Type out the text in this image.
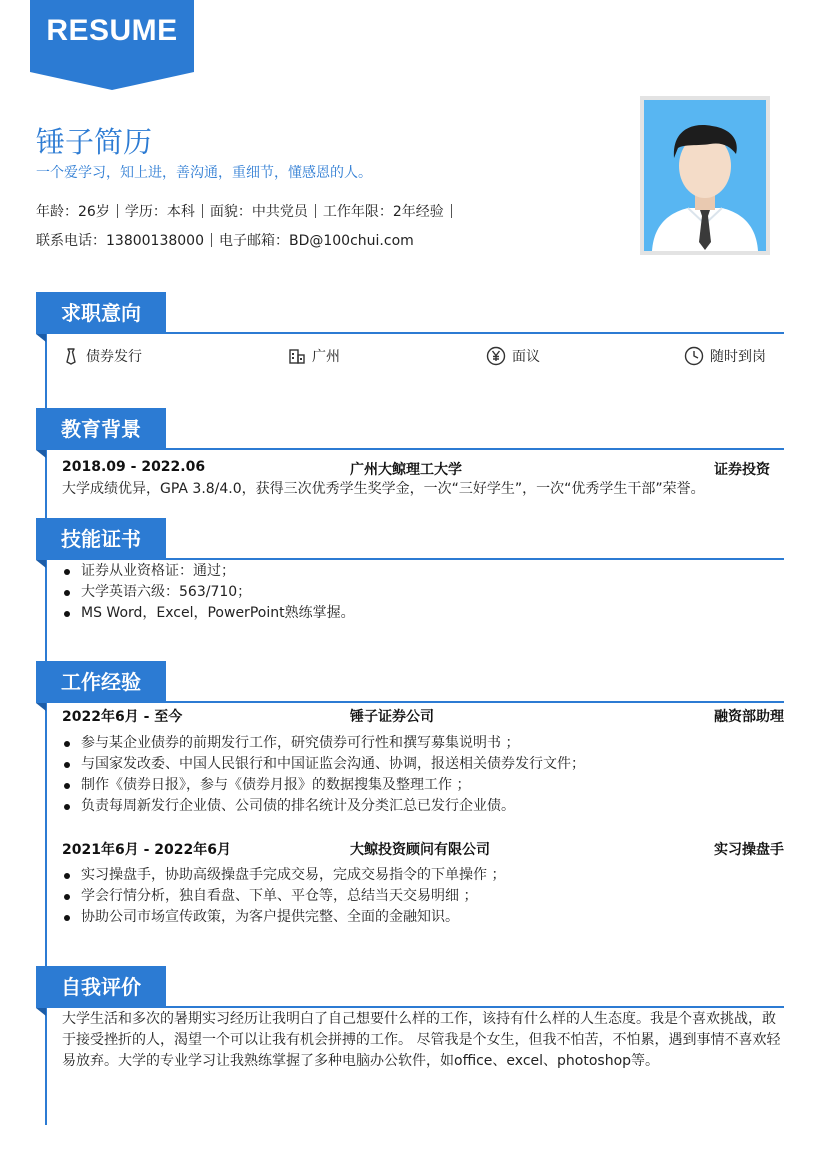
RESUME
锤子简历
一个爱学习，知上进，善沟通，重细节，懂感恩的人。
年龄：26岁 学历：本科 面貌：中共党员 工作年限：2年经验
联系电话：13800138000 电子邮箱：BD@100chui.com
求职意向
债券发行	广州	面议	随时到岗
教育背景
2018.09 - 2022.06	广州大鲸理工大学	证券投资
大学成绩优异，GPA 3.8/4.0，获得三次优秀学生奖学金，一次“三好学生”，一次“优秀学生干部”荣誉。
技能证书
证券从业资格证：通过；
大学英语六级：563/710；
MS Word，Excel，PowerPoint熟练掌握。
工作经验
2022年6月 - 至今	锤子证券公司	融资部助理
参与某企业债券的前期发行工作，研究债券可行性和撰写募集说明书 ；
与国家发改委、中国人民银行和中国证监会沟通、协调，报送相关债券发行文件；
制作《债券日报》，参与《债券月报》的数据搜集及整理工作 ；
负责每周新发行企业债、公司债的排名统计及分类汇总已发行企业债。
2021年6月 - 2022年6月	大鲸投资顾问有限公司	实习操盘手
实习操盘手，协助高级操盘手完成交易，完成交易指令的下单操作 ；
学会行情分析，独自看盘、下单、平仓等，总结当天交易明细 ；
协助公司市场宣传政策，为客户提供完整、全面的金融知识。
自我评价
大学生活和多次的暑期实习经历让我明白了自己想要什么样的工作，该持有什么样的人生态度。我是个喜欢挑战，敢于接受挫折的人，渴望一个可以让我有机会拼搏的工作。 尽管我是个女生，但我不怕苦，不怕累，遇到事情不喜欢轻易放弃。大学的专业学习让我熟练掌握了多种电脑办公软件，如office、excel、photoshop等。
